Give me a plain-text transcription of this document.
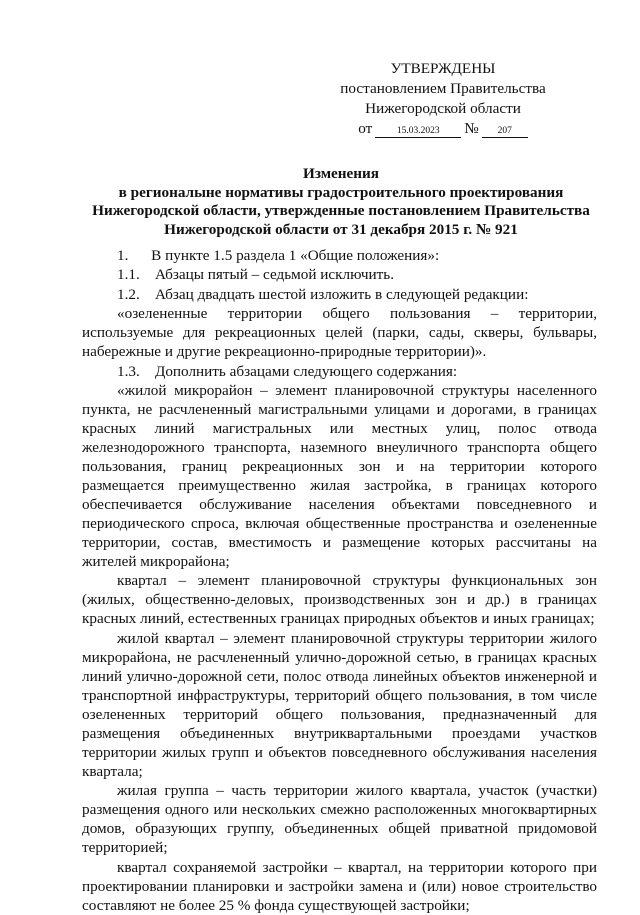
УТВЕРЖДЕНЫ
постановлением Правительства
Нижегородской области
от	15.03.2023	№	207
Изменения
в регионалыне нормативы градостроительного проектирования
Нижегородской области, утвержденные постановлением Правительства
Нижегородской области от 31 декабря 2015 г. № 921

1.      В пункте 1.5 раздела 1 «Общие положения»:

1.1.    Абзацы пятый – седьмой исключить.

1.2.    Абзац двадцать шестой изложить в следующей редакции:

«озелененные территории общего пользования – территории, используемые для рекреационных целей (парки, сады, скверы, бульвары, набережные и другие рекреационно-природные территории)».

1.3.    Дополнить абзацами следующего содержания:

«жилой микрорайон – элемент планировочной структуры населенного пункта, не расчлененный магистральными улицами и дорогами, в границах красных линий магистральных или местных улиц, полос отвода железнодорожного транспорта, наземного внеуличного транспорта общего пользования, границ рекреационных зон и на территории которого размещается преимущественно жилая застройка, в границах которого обеспечивается обслуживание населения объектами повседневного и периодического спроса, включая общественные пространства и озелененные территории, состав, вместимость и размещение которых рассчитаны на жителей микрорайона;

квартал – элемент планировочной структуры функциональных зон (жилых, общественно-деловых, производственных зон и др.) в границах красных линий, естественных границах природных объектов и иных границах;

жилой квартал – элемент планировочной структуры территории жилого микрорайона, не расчлененный улично-дорожной сетью, в границах красных линий улично-дорожной сети, полос отвода линейных объектов инженерной и транспортной инфраструктуры, территорий общего пользования, в том числе озелененных территорий общего пользования, предназначенный для размещения объединенных внутриквартальными проездами участков территории жилых групп и объектов повседневного обслуживания населения квартала;

жилая группа – часть территории жилого квартала, участок (участки) размещения одного или нескольких смежно расположенных многоквартирных домов, образующих группу, объединенных общей приватной придомовой территорией;

квартал сохраняемой застройки – квартал, на территории которого при проектировании планировки и застройки замена и (или) новое строительство составляют не более 25 % фонда существующей застройки;
